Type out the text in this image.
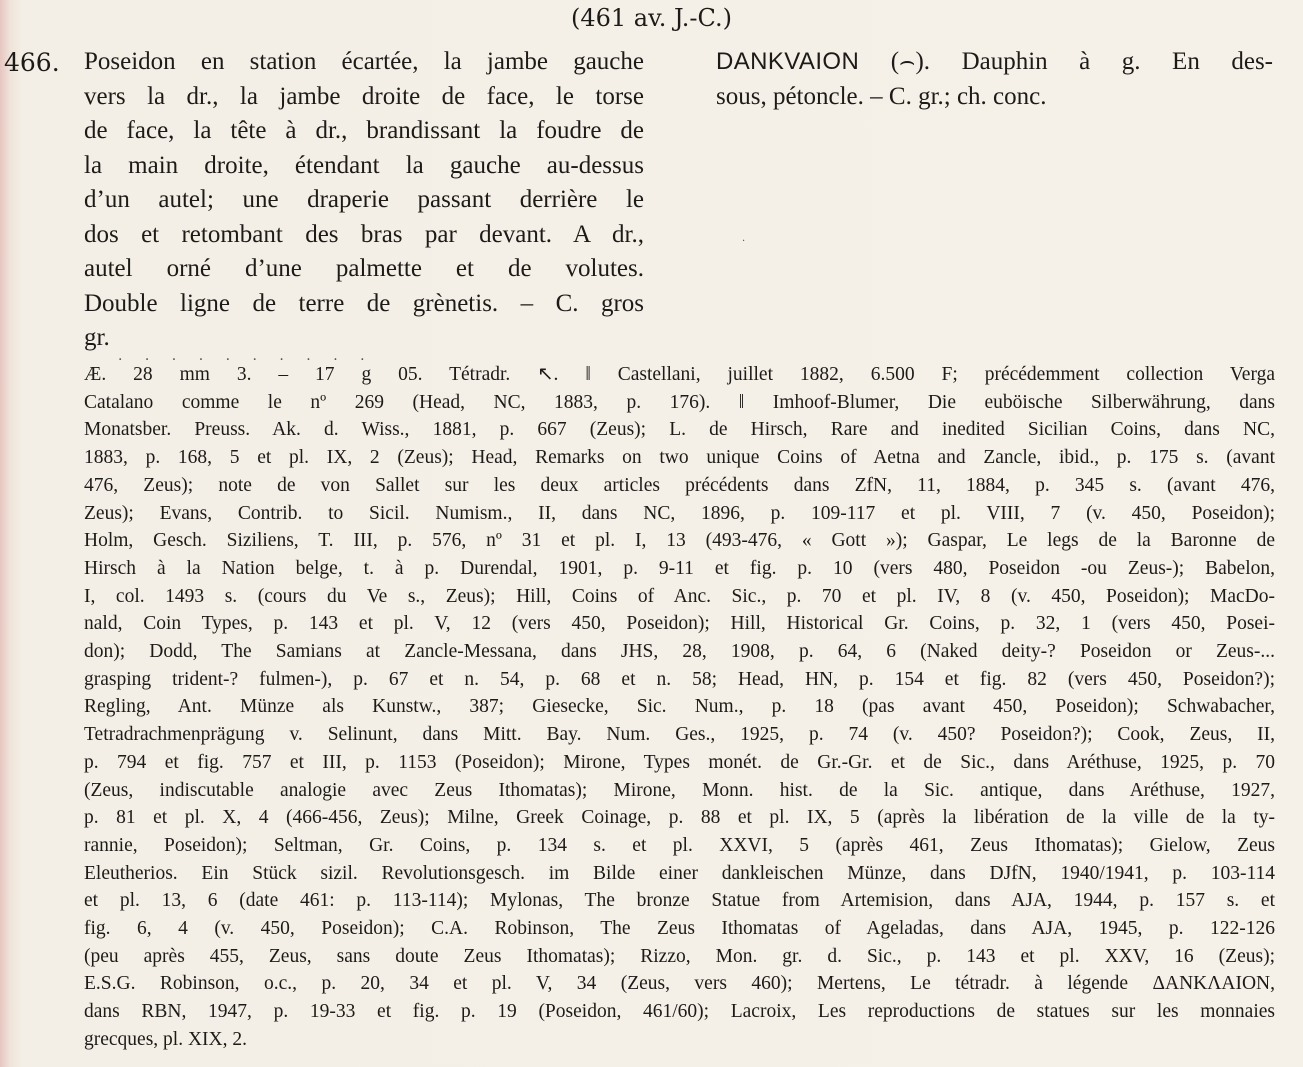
(461 av. J.-C.)
466. Poseidon en station écartée, la jambe gauche
vers la dr., la jambe droite de face, le torse
de face, la tête à dr., brandissant la foudre de
la main droite, étendant la gauche au-dessus
d’un autel; une draperie passant derrière le
dos et retombant des bras par devant. A dr.,
autel orné d’une palmette et de volutes.
Double ligne de terre de grènetis. – C. gros
gr.
· · · · · · · · · ·
DANKVAION (⌢). Dauphin à g. En des-
sous, pétoncle. – C. gr.; ch. conc.
·
Æ. 28 mm 3. – 17 g 05. Tétradr. ↖. ‖ Castellani, juillet 1882, 6.500 F; précédemment collection Verga
Catalano comme le nº 269 (Head, NC, 1883, p. 176). ‖ Imhoof-Blumer, Die euböische Silberwährung, dans
Monatsber. Preuss. Ak. d. Wiss., 1881, p. 667 (Zeus); L. de Hirsch, Rare and inedited Sicilian Coins, dans NC,
1883, p. 168, 5 et pl. IX, 2 (Zeus); Head, Remarks on two unique Coins of Aetna and Zancle, ibid., p. 175 s. (avant
476, Zeus); note de von Sallet sur les deux articles précédents dans ZfN, 11, 1884, p. 345 s. (avant 476,
Zeus); Evans, Contrib. to Sicil. Numism., II, dans NC, 1896, p. 109-117 et pl. VIII, 7 (v. 450, Poseidon);
Holm, Gesch. Siziliens, T. III, p. 576, nº 31 et pl. I, 13 (493-476, « Gott »); Gaspar, Le legs de la Baronne de
Hirsch à la Nation belge, t. à p. Durendal, 1901, p. 9-11 et fig. p. 10 (vers 480, Poseidon -ou Zeus-); Babelon,
I, col. 1493 s. (cours du Ve s., Zeus); Hill, Coins of Anc. Sic., p. 70 et pl. IV, 8 (v. 450, Poseidon); MacDo-
nald, Coin Types, p. 143 et pl. V, 12 (vers 450, Poseidon); Hill, Historical Gr. Coins, p. 32, 1 (vers 450, Posei-
don); Dodd, The Samians at Zancle-Messana, dans JHS, 28, 1908, p. 64, 6 (Naked deity-? Poseidon or Zeus-...
grasping trident-? fulmen-), p. 67 et n. 54, p. 68 et n. 58; Head, HN, p. 154 et fig. 82 (vers 450, Poseidon?);
Regling, Ant. Münze als Kunstw., 387; Giesecke, Sic. Num., p. 18 (pas avant 450, Poseidon); Schwabacher,
Tetradrachmenprägung v. Selinunt, dans Mitt. Bay. Num. Ges., 1925, p. 74 (v. 450? Poseidon?); Cook, Zeus, II,
p. 794 et fig. 757 et III, p. 1153 (Poseidon); Mirone, Types monét. de Gr.-Gr. et de Sic., dans Aréthuse, 1925, p. 70
(Zeus, indiscutable analogie avec Zeus Ithomatas); Mirone, Monn. hist. de la Sic. antique, dans Aréthuse, 1927,
p. 81 et pl. X, 4 (466-456, Zeus); Milne, Greek Coinage, p. 88 et pl. IX, 5 (après la libération de la ville de la ty-
rannie, Poseidon); Seltman, Gr. Coins, p. 134 s. et pl. XXVI, 5 (après 461, Zeus Ithomatas); Gielow, Zeus
Eleutherios. Ein Stück sizil. Revolutionsgesch. im Bilde einer dankleischen Münze, dans DJfN, 1940/1941, p. 103-114
et pl. 13, 6 (date 461: p. 113-114); Mylonas, The bronze Statue from Artemision, dans AJA, 1944, p. 157 s. et
fig. 6, 4 (v. 450, Poseidon); C.A. Robinson, The Zeus Ithomatas of Ageladas, dans AJA, 1945, p. 122-126
(peu après 455, Zeus, sans doute Zeus Ithomatas); Rizzo, Mon. gr. d. Sic., p. 143 et pl. XXV, 16 (Zeus);
E.S.G. Robinson, o.c., p. 20, 34 et pl. V, 34 (Zeus, vers 460); Mertens, Le tétradr. à légende ΔΑΝΚΛΑΙΟΝ,
dans RBN, 1947, p. 19-33 et fig. p. 19 (Poseidon, 461/60); Lacroix, Les reproductions de statues sur les monnaies
grecques, pl. XIX, 2.
